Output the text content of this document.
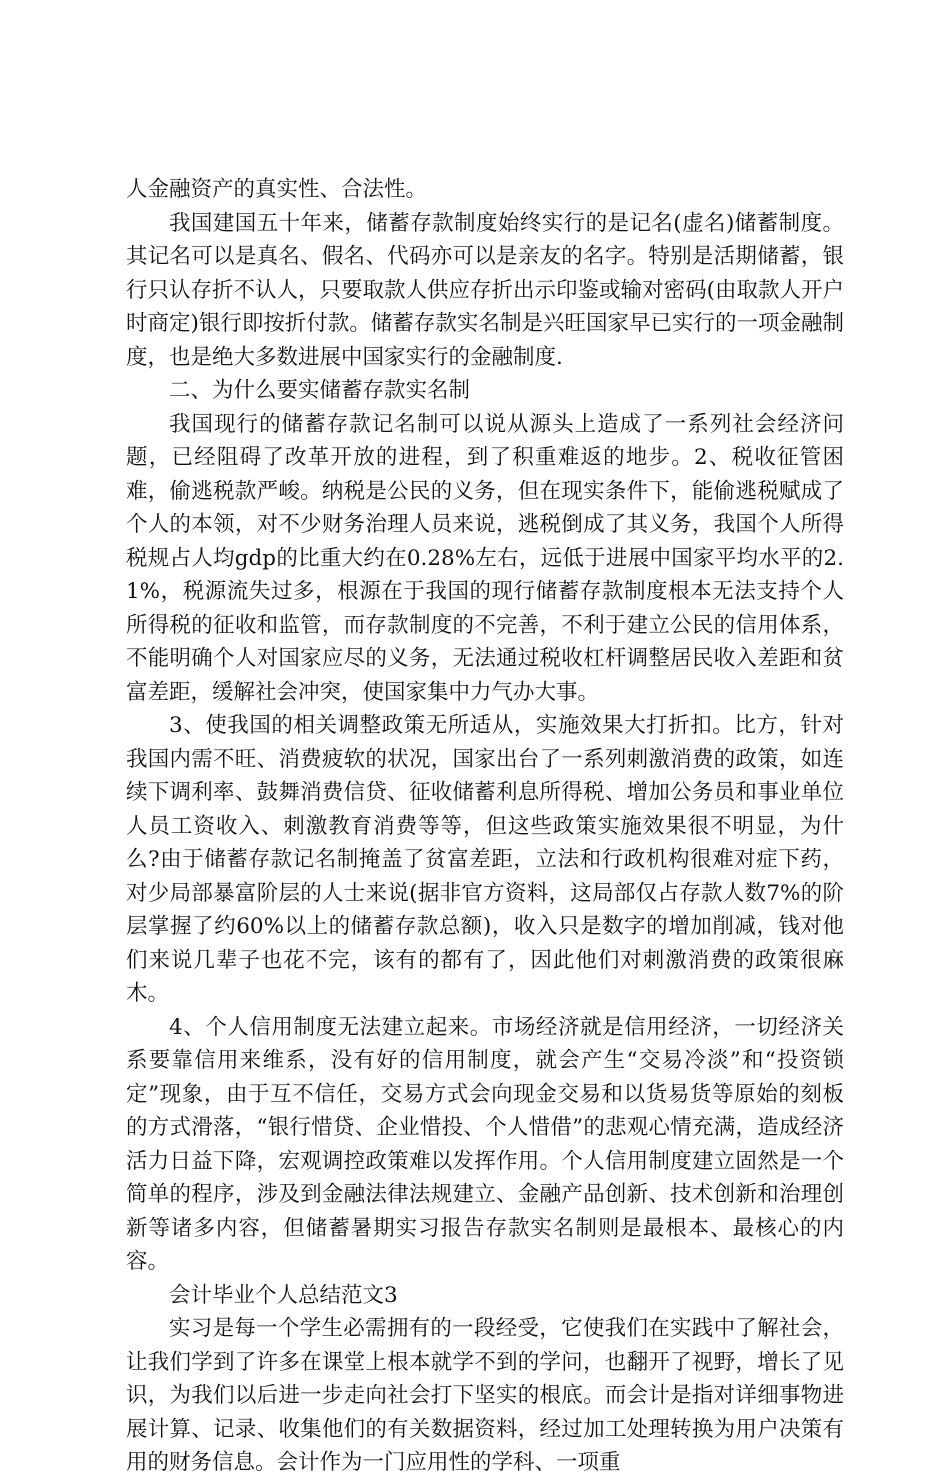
人金融资产的真实性、合法性。

我国建国五十年来，储蓄存款制度始终实行的是记名(虚名)储蓄制度。其记名可以是真名、假名、代码亦可以是亲友的名字。特别是活期储蓄，银行只认存折不认人，只要取款人供应存折出示印鉴或输对密码(由取款人开户时商定)银行即按折付款。储蓄存款实名制是兴旺国家早已实行的一项金融制度，也是绝大多数进展中国家实行的金融制度.

二、为什么要实储蓄存款实名制

我国现行的储蓄存款记名制可以说从源头上造成了一系列社会经济问题，已经阻碍了改革开放的进程，到了积重难返的地步。2、税收征管困难，偷逃税款严峻。纳税是公民的义务，但在现实条件下，能偷逃税赋成了个人的本领，对不少财务治理人员来说，逃税倒成了其义务，我国个人所得税规占人均gdp的比重大约在0.28%左右，远低于进展中国家平均水平的2.1%，税源流失过多，根源在于我国的现行储蓄存款制度根本无法支持个人所得税的征收和监管，而存款制度的不完善，不利于建立公民的信用体系，不能明确个人对国家应尽的义务，无法通过税收杠杆调整居民收入差距和贫富差距，缓解社会冲突，使国家集中力气办大事。

3、使我国的相关调整政策无所适从，实施效果大打折扣。比方，针对我国内需不旺、消费疲软的状况，国家出台了一系列刺激消费的政策，如连续下调利率、鼓舞消费信贷、征收储蓄利息所得税、增加公务员和事业单位人员工资收入、刺激教育消费等等，但这些政策实施效果很不明显，为什么?由于储蓄存款记名制掩盖了贫富差距，立法和行政机构很难对症下药，对少局部暴富阶层的人士来说(据非官方资料，这局部仅占存款人数7%的阶层掌握了约60%以上的储蓄存款总额)，收入只是数字的增加削减，钱对他们来说几辈子也花不完，该有的都有了，因此他们对刺激消费的政策很麻木。

4、个人信用制度无法建立起来。市场经济就是信用经济，一切经济关系要靠信用来维系，没有好的信用制度，就会产生“交易冷淡”和“投资锁定”现象，由于互不信任，交易方式会向现金交易和以货易货等原始的刻板的方式滑落，“银行惜贷、企业惜投、个人惜借”的悲观心情充满，造成经济活力日益下降，宏观调控政策难以发挥作用。个人信用制度建立固然是一个简单的程序，涉及到金融法律法规建立、金融产品创新、技术创新和治理创新等诸多内容，但储蓄暑期实习报告存款实名制则是最根本、最核心的内容。

会计毕业个人总结范文3

实习是每一个学生必需拥有的一段经受，它使我们在实践中了解社会，让我们学到了许多在课堂上根本就学不到的学问，也翻开了视野，增长了见识，为我们以后进一步走向社会打下坚实的根底。而会计是指对详细事物进展计算、记录、收集他们的有关数据资料，经过加工处理转换为用户决策有用的财务信息。会计作为一门应用性的学科、一项重
